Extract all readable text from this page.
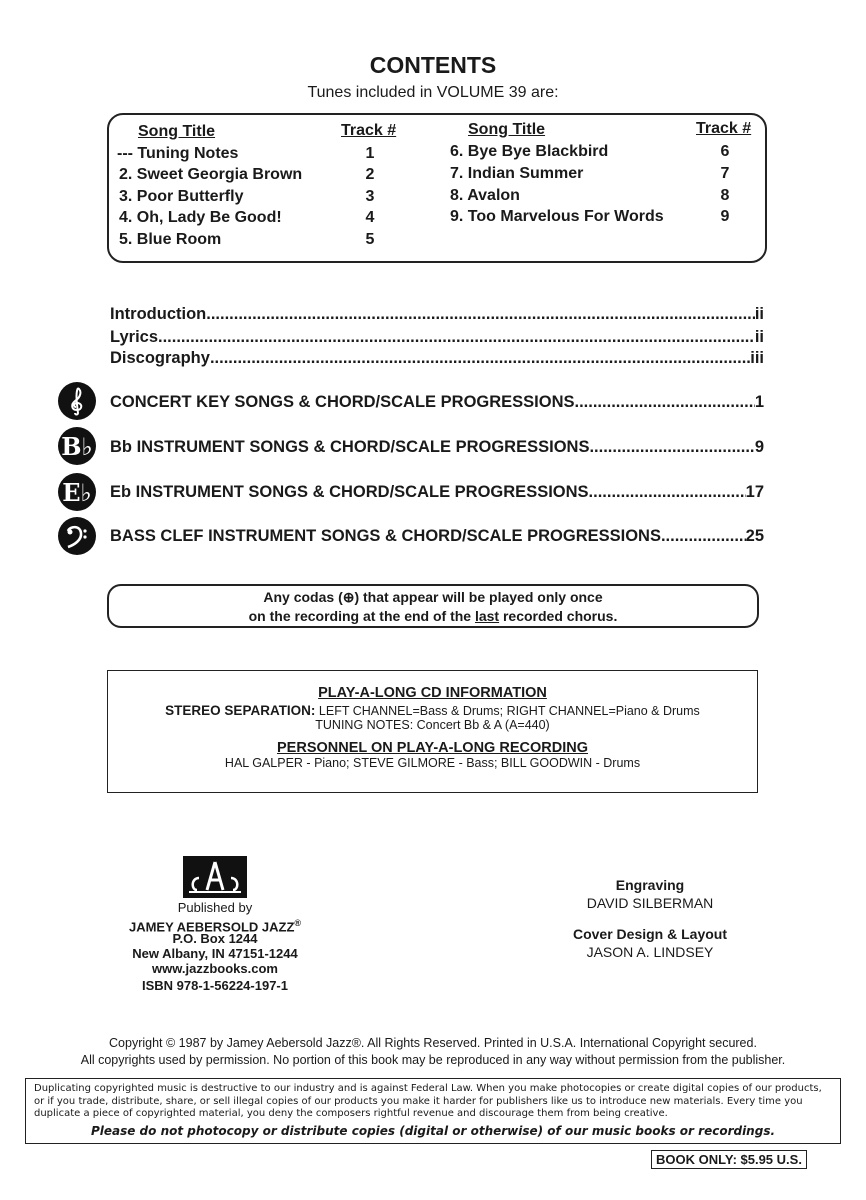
CONTENTS
Tunes included in VOLUME 39 are:
Song Title	Track #	Song Title	Track #
--- Tuning Notes	1
2. Sweet Georgia Brown	2
3. Poor Butterfly	3
4. Oh, Lady Be Good!	4
5. Blue Room	5
6. Bye Bye Blackbird	6
7. Indian Summer	7
8. Avalon	8
9. Too Marvelous For Words	9
Introduction .....	ii
Lyrics .....	ii
Discography .....	iii
CONCERT KEY SONGS & CHORD/SCALE PROGRESSIONS .....	1
B♭ Bb INSTRUMENT SONGS & CHORD/SCALE PROGRESSIONS .....	9
E♭ Eb INSTRUMENT SONGS & CHORD/SCALE PROGRESSIONS .....	17
BASS CLEF INSTRUMENT SONGS & CHORD/SCALE PROGRESSIONS .....	25
Any codas (⊕) that appear will be played only once
on the recording at the end of the last recorded chorus.
PLAY-A-LONG CD INFORMATION
STEREO SEPARATION: LEFT CHANNEL=Bass & Drums; RIGHT CHANNEL=Piano & Drums
TUNING NOTES: Concert Bb & A (A=440)
PERSONNEL ON PLAY-A-LONG RECORDING
HAL GALPER - Piano; STEVE GILMORE - Bass; BILL GOODWIN - Drums
Published by
JAMEY AEBERSOLD JAZZ®
P.O. Box 1244
New Albany, IN 47151-1244
www.jazzbooks.com
ISBN 978-1-56224-197-1
Engraving
DAVID SILBERMAN
Cover Design & Layout
JASON A. LINDSEY
Copyright © 1987 by Jamey Aebersold Jazz®. All Rights Reserved. Printed in U.S.A. International Copyright secured.
All copyrights used by permission. No portion of this book may be reproduced in any way without permission from the publisher.
Duplicating copyrighted music is destructive to our industry and is against Federal Law. When you make photocopies or create digital copies of our products, or if you trade, distribute, share, or sell illegal copies of our products you make it harder for publishers like us to introduce new materials. Every time you duplicate a piece of copyrighted material, you deny the composers rightful revenue and discourage them from being creative.
Please do not photocopy or distribute copies (digital or otherwise) of our music books or recordings.
BOOK ONLY: $5.95 U.S.
